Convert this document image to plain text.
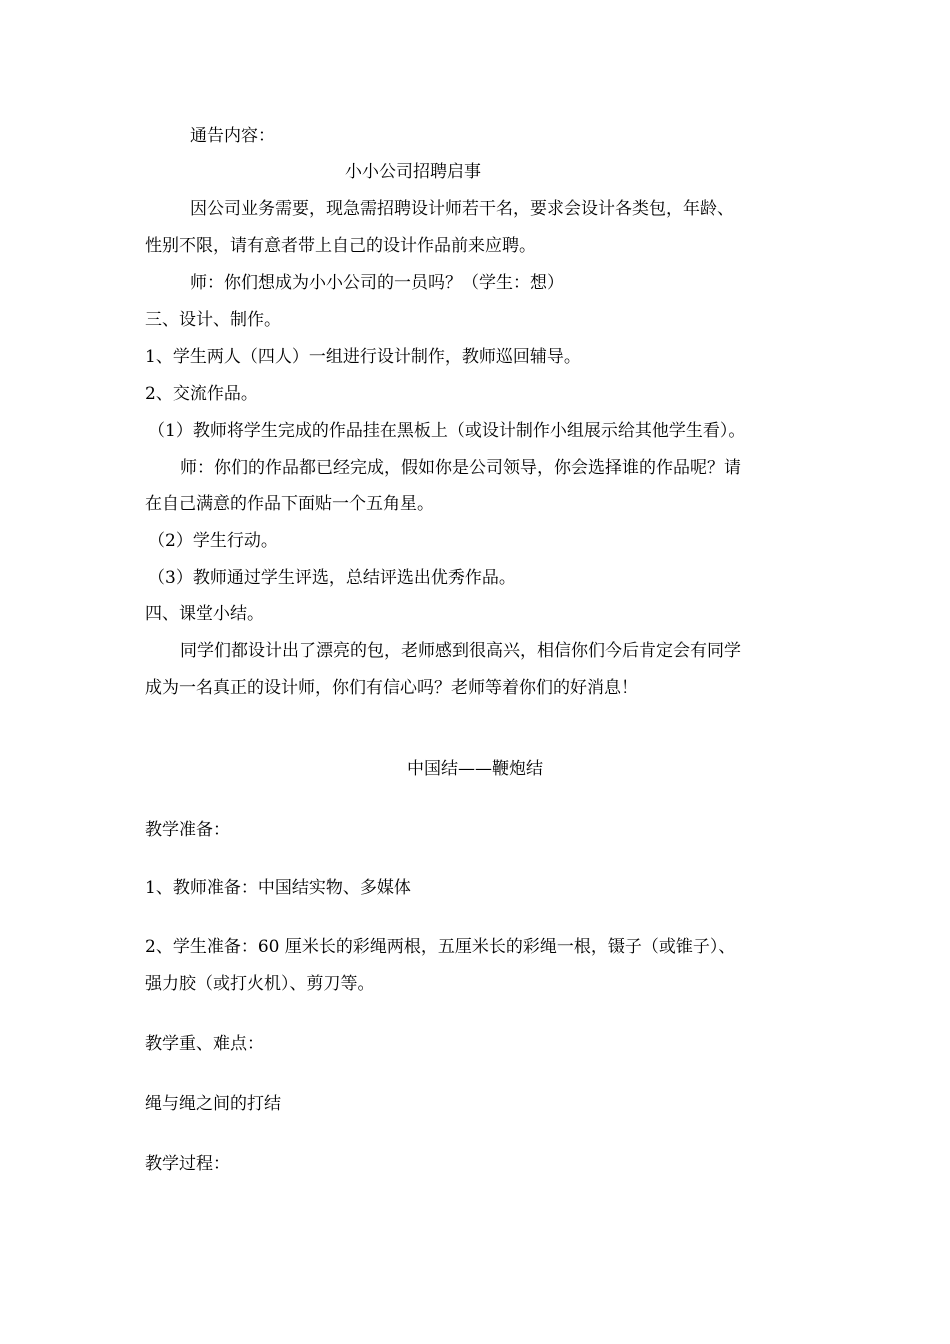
通告内容：
小小公司招聘启事
因公司业务需要，现急需招聘设计师若干名，要求会设计各类包，年龄、
性别不限，请有意者带上自己的设计作品前来应聘。
师：你们想成为小小公司的一员吗？（学生：想）
三、设计、制作。
1、学生两人（四人）一组进行设计制作，教师巡回辅导。
2、交流作品。
（1）教师将学生完成的作品挂在黑板上（或设计制作小组展示给其他学生看）。
师：你们的作品都已经完成，假如你是公司领导，你会选择谁的作品呢？请
在自己满意的作品下面贴一个五角星。
（2）学生行动。
（3）教师通过学生评选，总结评选出优秀作品。
四、课堂小结。
同学们都设计出了漂亮的包，老师感到很高兴，相信你们今后肯定会有同学
成为一名真正的设计师，你们有信心吗？老师等着你们的好消息！
中国结——鞭炮结
教学准备：
1、教师准备：中国结实物、多媒体
2、学生准备：60 厘米长的彩绳两根，五厘米长的彩绳一根，镊子（或锥子）、
强力胶（或打火机）、剪刀等。
教学重、难点：
绳与绳之间的打结
教学过程：
